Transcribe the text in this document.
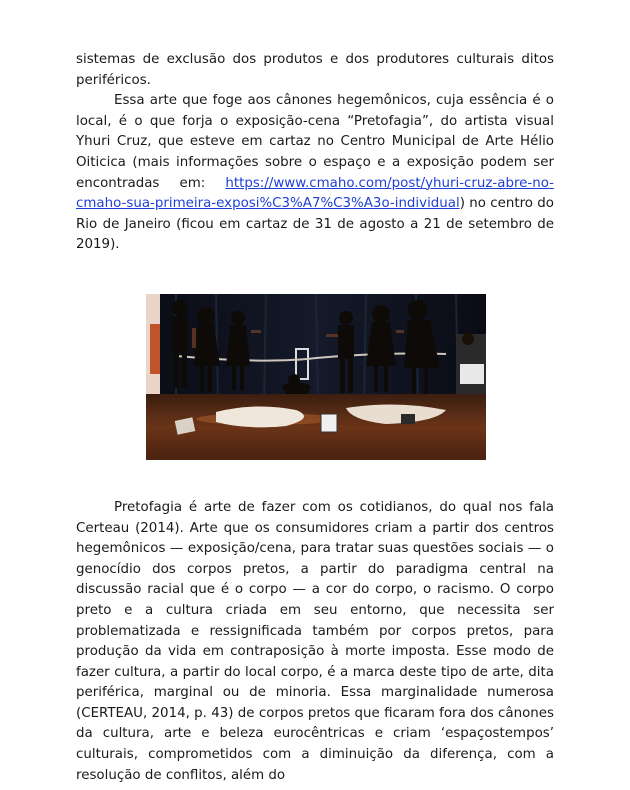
sistemas de exclusão dos produtos e dos produtores culturais ditos periféricos.

Essa arte que foge aos cânones hegemônicos, cuja essência é o local, é o que forja o exposição-cena “Pretofagia”, do artista visual Yhuri Cruz, que esteve em cartaz no Centro Municipal de Arte Hélio Oiticica (mais informações sobre o espaço e a exposição podem ser encontradas em: https://www.cmaho.com/post/yhuri-cruz-abre-no-cmaho-sua-primeira-exposi%C3%A7%C3%A3o-individual) no centro do Rio de Janeiro (ficou em cartaz de 31 de agosto a 21 de setembro de 2019).

Pretofagia é arte de fazer com os cotidianos, do qual nos fala Certeau (2014). Arte que os consumidores criam a partir dos centros hegemônicos — exposição/cena, para tratar suas questões sociais — o genocídio dos corpos pretos, a partir do paradigma central na discussão racial que é o corpo — a cor do corpo, o racismo. O corpo preto e a cultura criada em seu entorno, que necessita ser problematizada e ressignificada também por corpos pretos, para produção da vida em contraposição à morte imposta. Esse modo de fazer cultura, a partir do local corpo, é a marca deste tipo de arte, dita periférica, marginal ou de minoria. Essa marginalidade numerosa (CERTEAU, 2014, p. 43) de corpos pretos que ficaram fora dos cânones da cultura, arte e beleza eurocêntricas e criam ‘espaçostempos’ culturais, comprometidos com a diminuição da diferença, com a resolução de conflitos, além do
